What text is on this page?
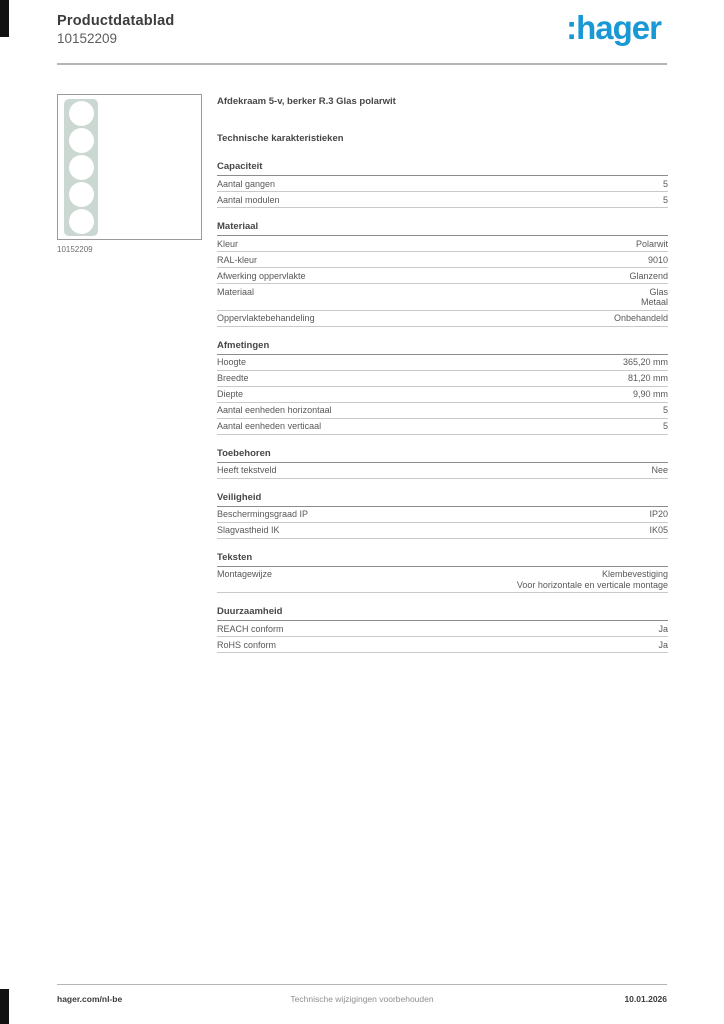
Productdatablad
10152209	:hager
10152209
Afdekraam 5-v, berker R.3 Glas polarwit
Technische karakteristieken
Capaciteit
Aantal gangen	5
Aantal modulen	5
Materiaal
Kleur	Polarwit
RAL-kleur	9010
Afwerking oppervlakte	Glanzend
Materiaal	Glas
Metaal
Oppervlaktebehandeling	Onbehandeld
Afmetingen
Hoogte	365,20 mm
Breedte	81,20 mm
Diepte	9,90 mm
Aantal eenheden horizontaal	5
Aantal eenheden verticaal	5
Toebehoren
Heeft tekstveld	Nee
Veiligheid
Beschermingsgraad IP	IP20
Slagvastheid IK	IK05
Teksten
Montagewijze	Klembevestiging
Voor horizontale en verticale montage
Duurzaamheid
REACH conform	Ja
RoHS conform	Ja
hager.com/nl-be	Technische wijzigingen voorbehouden	10.01.2026
